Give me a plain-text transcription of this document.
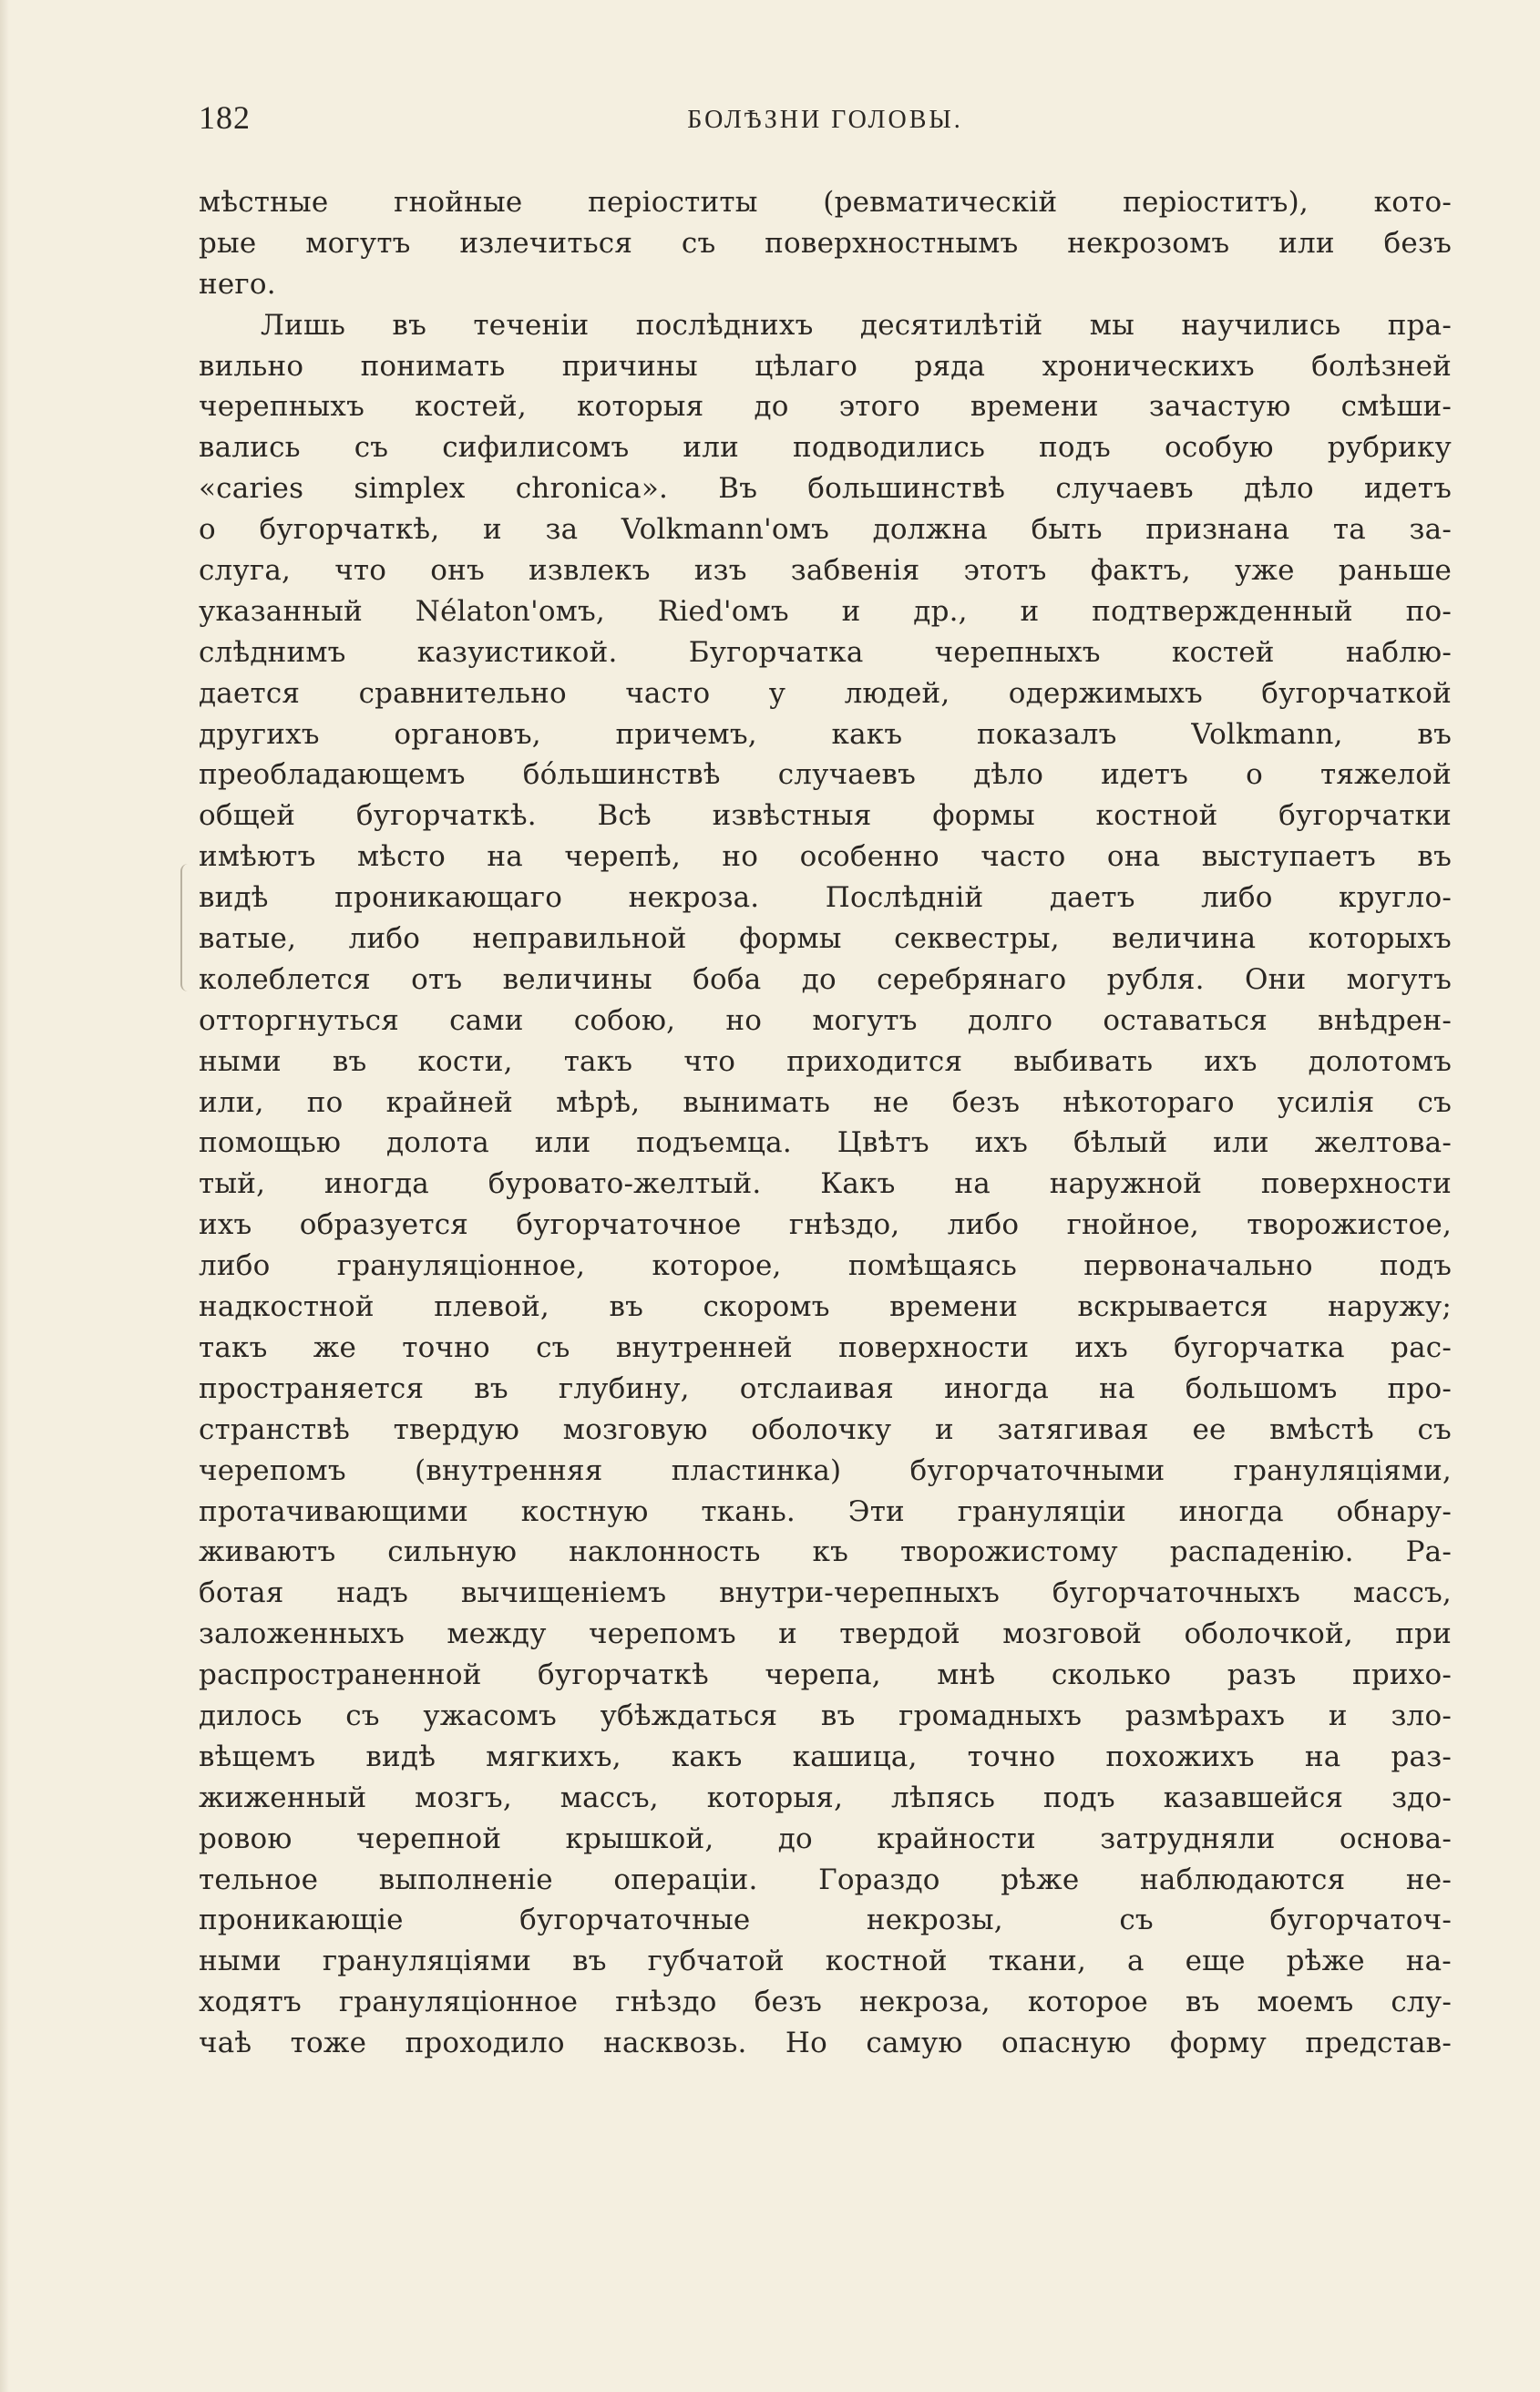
182	БОЛѢЗНИ ГОЛОВЫ.
мѣстные гнойные періоститы (ревматическій періоститъ), кото-
рые могутъ излечиться съ поверхностнымъ некрозомъ или безъ
него.
Лишь въ теченіи послѣднихъ десятилѣтій мы научились пра-
вильно понимать причины цѣлаго ряда хроническихъ болѣзней
черепныхъ костей, которыя до этого времени зачастую смѣши-
вались съ сифилисомъ или подводились подъ особую рубрику
«caries simplex chronica». Въ большинствѣ случаевъ дѣло идетъ
о бугорчаткѣ, и за Volkmann'омъ должна быть признана та за-
слуга, что онъ извлекъ изъ забвенія этотъ фактъ, уже раньше
указанный Nélaton'омъ, Ried'омъ и др., и подтвержденный по-
слѣднимъ казуистикой. Бугорчатка черепныхъ костей наблю-
дается сравнительно часто у людей, одержимыхъ бугорчаткой
другихъ органовъ, причемъ, какъ показалъ Volkmann, въ
преобладающемъ бо́льшинствѣ случаевъ дѣло идетъ о тяжелой
общей бугорчаткѣ. Всѣ извѣстныя формы костной бугорчатки
имѣютъ мѣсто на черепѣ, но особенно часто она выступаетъ въ
видѣ проникающаго некроза. Послѣдній даетъ либо кругло-
ватые, либо неправильной формы секвестры, величина которыхъ
колеблется отъ величины боба до серебрянаго рубля. Они могутъ
отторгнуться сами собою, но могутъ долго оставаться внѣдрен-
ными въ кости, такъ что приходится выбивать ихъ долотомъ
или, по крайней мѣрѣ, вынимать не безъ нѣкотораго усилія съ
помощью долота или подъемца. Цвѣтъ ихъ бѣлый или желтова-
тый, иногда буровато-желтый. Какъ на наружной поверхности
ихъ образуется бугорчаточное гнѣздо, либо гнойное, творожистое,
либо грануляціонное, которое, помѣщаясь первоначально подъ
надкостной плевой, въ скоромъ времени вскрывается наружу;
такъ же точно съ внутренней поверхности ихъ бугорчатка рас-
пространяется въ глубину, отслаивая иногда на большомъ про-
странствѣ твердую мозговую оболочку и затягивая ее вмѣстѣ съ
черепомъ (внутренняя пластинка) бугорчаточными грануляціями,
протачивающими костную ткань. Эти грануляціи иногда обнару-
живаютъ сильную наклонность къ творожистому распаденію. Ра-
ботая надъ вычищеніемъ внутри-черепныхъ бугорчаточныхъ массъ,
заложенныхъ между черепомъ и твердой мозговой оболочкой, при
распространенной бугорчаткѣ черепа, мнѣ сколько разъ прихо-
дилось съ ужасомъ убѣждаться въ громадныхъ размѣрахъ и зло-
вѣщемъ видѣ мягкихъ, какъ кашица, точно похожихъ на раз-
жиженный мозгъ, массъ, которыя, лѣпясь подъ казавшейся здо-
ровою черепной крышкой, до крайности затрудняли основа-
тельное выполненіе операціи. Гораздо рѣже наблюдаются не-
проникающіе бугорчаточные некрозы, съ бугорчаточ-
ными грануляціями въ губчатой костной ткани, а еще рѣже на-
ходятъ грануляціонное гнѣздо безъ некроза, которое въ моемъ слу-
чаѣ тоже проходило насквозь. Но самую опасную форму представ-
